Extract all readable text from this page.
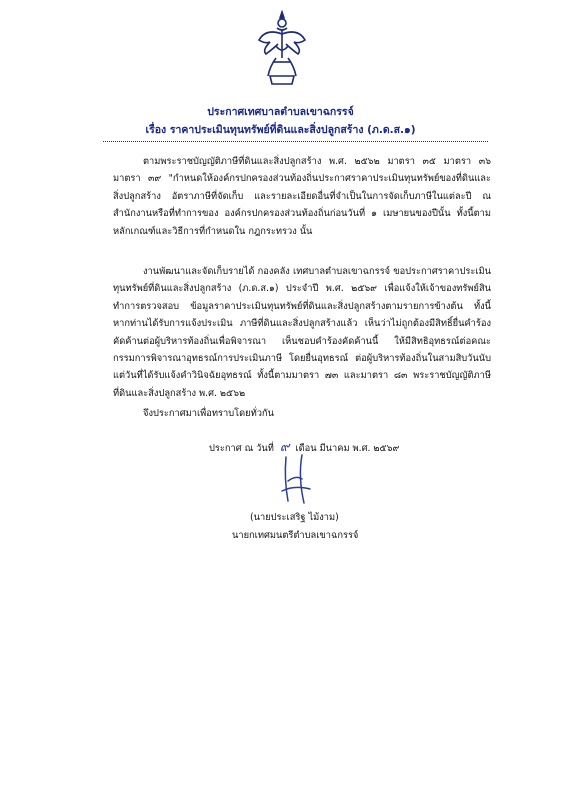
ประกาศเทศบาลตำบลเขาฉกรรจ์
เรื่อง ราคาประเมินทุนทรัพย์ที่ดินและสิ่งปลูกสร้าง (ภ.ด.ส.๑)
ตามพระราชบัญญัติภาษีที่ดินและสิ่งปลูกสร้าง พ.ศ. ๒๕๖๒ มาตรา ๓๕ มาตรา ๓๖ มาตรา ๓๙ "กำหนดให้องค์กรปกครองส่วนท้องถิ่นประกาศราคาประเมินทุนทรัพย์ของที่ดินและสิ่งปลูกสร้าง อัตราภาษีที่จัดเก็บ และรายละเอียดอื่นที่จำเป็นในการจัดเก็บภาษีในแต่ละปี ณ สำนักงานหรือที่ทำการของ องค์กรปกครองส่วนท้องถิ่นก่อนวันที่ ๑ เมษายนของปีนั้น ทั้งนี้ตามหลักเกณฑ์และวิธีการที่กำหนดใน กฎกระทรวง นั้น
งานพัฒนาและจัดเก็บรายได้ กองคลัง เทศบาลตำบลเขาฉกรรจ์ ขอประกาศราคาประเมิน ทุนทรัพย์ที่ดินและสิ่งปลูกสร้าง (ภ.ด.ส.๑) ประจำปี พ.ศ. ๒๕๖๙ เพื่อแจ้งให้เจ้าของทรัพย์สินทำการตรวจสอบ ข้อมูลราคาประเมินทุนทรัพย์ที่ดินและสิ่งปลูกสร้างตามรายการข้างต้น ทั้งนี้ หากท่านได้รับการแจ้งประเมิน ภาษีที่ดินและสิ่งปลูกสร้างแล้ว เห็นว่าไม่ถูกต้องมีสิทธิ์ยื่นคำร้องคัดค้านต่อผู้บริหารท้องถิ่นเพื่อพิจารณา เห็นชอบคำร้องคัดค้านนี้ ให้มีสิทธิอุทธรณ์ต่อคณะกรรมการพิจารณาอุทธรณ์การประเมินภาษี โดยยื่นอุทธรณ์ ต่อผู้บริหารท้องถิ่นในสามสิบวันนับแต่วันที่ได้รับแจ้งคำวินิจฉัยอุทธรณ์ ทั้งนี้ตามมาตรา ๗๓ และมาตรา ๘๓ พระราชบัญญัติภาษีที่ดินและสิ่งปลูกสร้าง พ.ศ. ๒๕๖๒
จึงประกาศมาเพื่อทราบโดยทั่วกัน
ประกาศ ณ วันที่ ๙ เดือน มีนาคม พ.ศ. ๒๕๖๙
(นายประเสริฐ ไม้งาม)
นายกเทศมนตรีตำบลเขาฉกรรจ์
